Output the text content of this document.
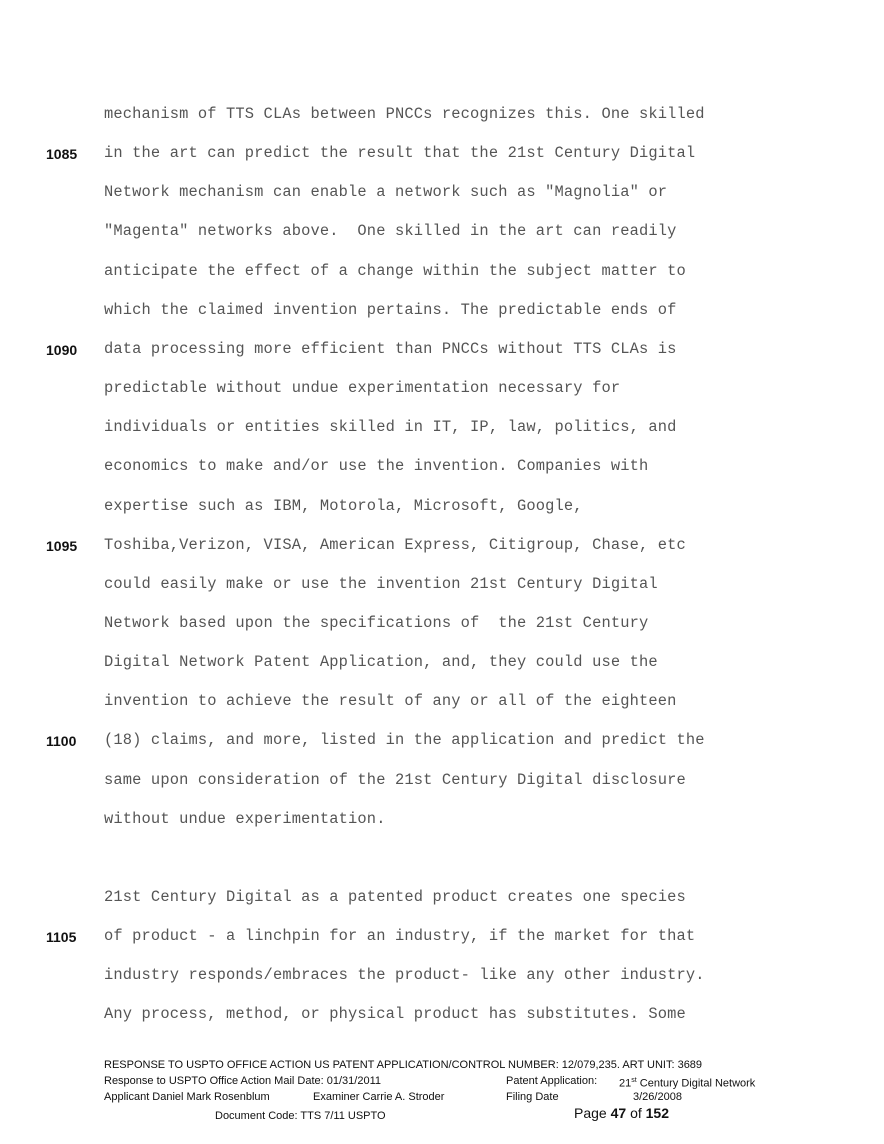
mechanism of TTS CLAs between PNCCs recognizes this. One skilled
1085	in the art can predict the result that the 21st Century Digital
Network mechanism can enable a network such as "Magnolia" or
"Magenta" networks above.  One skilled in the art can readily
anticipate the effect of a change within the subject matter to
which the claimed invention pertains. The predictable ends of
1090	data processing more efficient than PNCCs without TTS CLAs is
predictable without undue experimentation necessary for
individuals or entities skilled in IT, IP, law, politics, and
economics to make and/or use the invention. Companies with
expertise such as IBM, Motorola, Microsoft, Google,
1095	Toshiba,Verizon, VISA, American Express, Citigroup, Chase, etc
could easily make or use the invention 21st Century Digital
Network based upon the specifications of  the 21st Century
Digital Network Patent Application, and, they could use the
invention to achieve the result of any or all of the eighteen
1100	(18) claims, and more, listed in the application and predict the
same upon consideration of the 21st Century Digital disclosure
without undue experimentation.
21st Century Digital as a patented product creates one species
1105	of product - a linchpin for an industry, if the market for that
industry responds/embraces the product- like any other industry.
Any process, method, or physical product has substitutes. Some
RESPONSE TO USPTO OFFICE ACTION US PATENT APPLICATION/CONTROL NUMBER: 12/079,235. ART UNIT: 3689
Response to USPTO Office Action Mail Date: 01/31/2011	Patent Application: 21st Century Digital Network
Applicant Daniel Mark Rosenblum	Examiner Carrie A. Stroder	Filing Date	3/26/2008
Document Code: TTS 7/11 USPTO	Page 47 of 152
